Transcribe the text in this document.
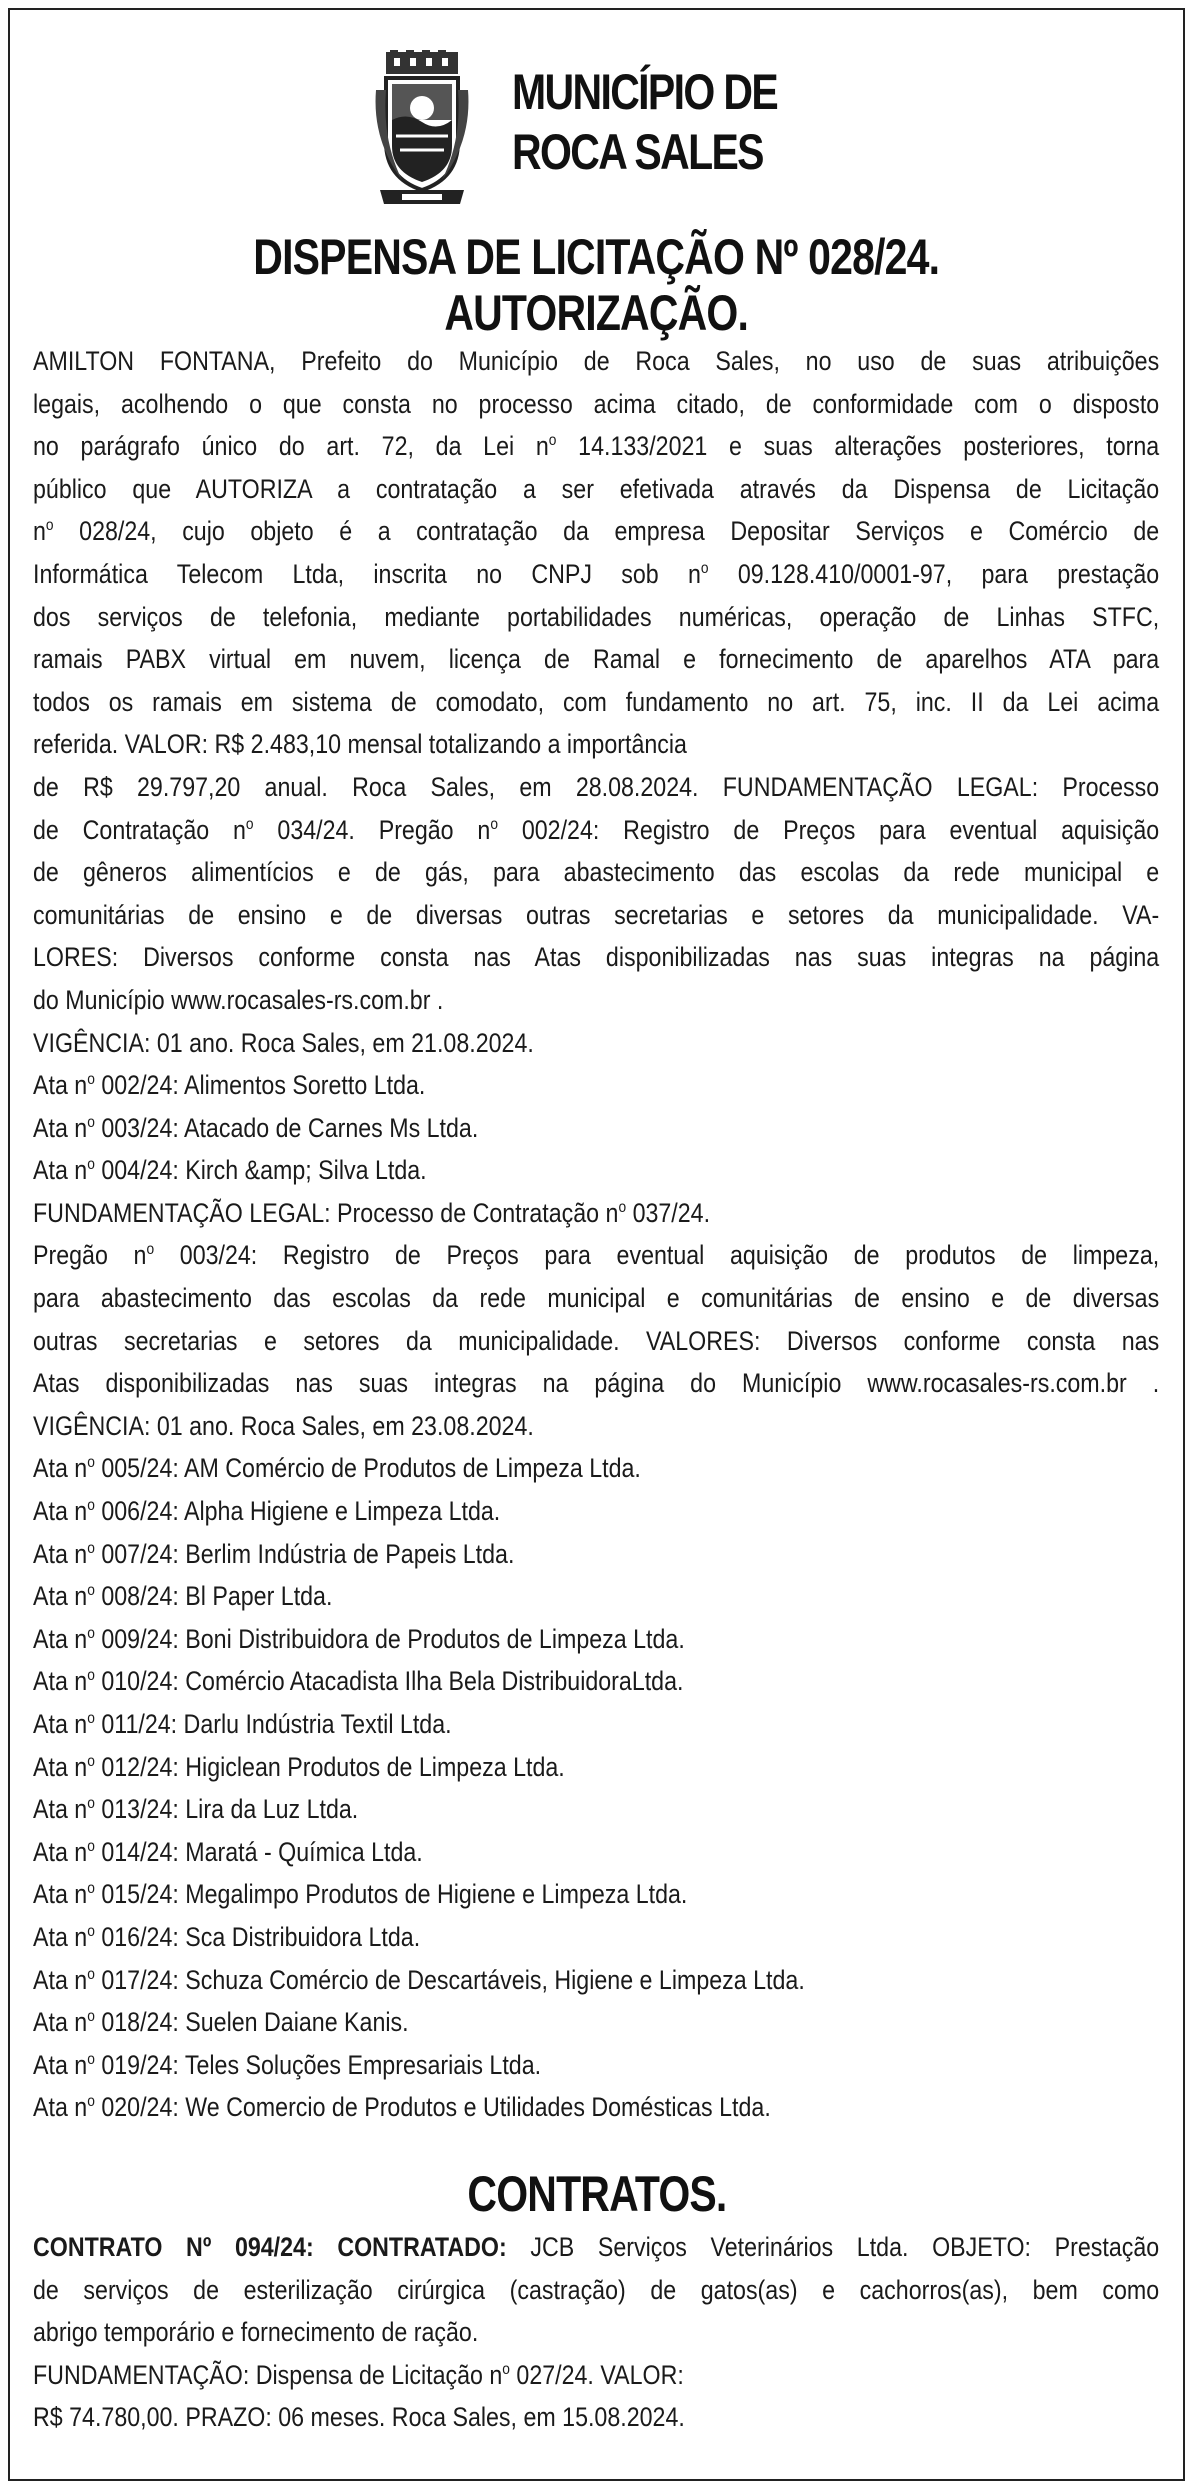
MUNICÍPIO DE
ROCA SALES
DISPENSA DE LICITAÇÃO Nº 028/24.
AUTORIZAÇÃO.
AMILTON FONTANA, Prefeito do Município de Roca Sales, no uso de suas atribuições
legais, acolhendo o que consta no processo acima citado, de conformidade com o disposto
no parágrafo único do art. 72, da Lei $n^o$ 14.133/2021 e suas alterações posteriores, torna
público que AUTORIZA a contratação a ser efetivada através da Dispensa de Licitação
$n^o$ 028/24, cujo objeto é a contratação da empresa Depositar Serviços e Comércio de
Informática Telecom Ltda, inscrita no CNPJ sob $n^o$ 09.128.410/0001-97, para prestação
dos serviços de telefonia, mediante portabilidades numéricas, operação de Linhas STFC,
ramais PABX virtual em nuvem, licença de Ramal e fornecimento de aparelhos ATA para
todos os ramais em sistema de comodato, com fundamento no art. 75, inc. II da Lei acima
referida. VALOR: R$ 2.483,10 mensal totalizando a importância
de R$ 29.797,20 anual. Roca Sales, em 28.08.2024. FUNDAMENTAÇÃO LEGAL: Processo
de Contratação $n^o$ 034/24. Pregão $n^o$ 002/24: Registro de Preços para eventual aquisição
de gêneros alimentícios e de gás, para abastecimento das escolas da rede municipal e
comunitárias de ensino e de diversas outras secretarias e setores da municipalidade. VA-
LORES: Diversos conforme consta nas Atas disponibilizadas nas suas integras na página
do Município www.rocasales-rs.com.br .
VIGÊNCIA: 01 ano. Roca Sales, em 21.08.2024.
Ata $n^o$ 002/24: Alimentos Soretto Ltda.
Ata $n^o$ 003/24: Atacado de Carnes Ms Ltda.
Ata $n^o$ 004/24: Kirch &amp; Silva Ltda.
FUNDAMENTAÇÃO LEGAL: Processo de Contratação $n^o$ 037/24.
Pregão $n^o$ 003/24: Registro de Preços para eventual aquisição de produtos de limpeza,
para abastecimento das escolas da rede municipal e comunitárias de ensino e de diversas
outras secretarias e setores da municipalidade. VALORES: Diversos conforme consta nas
Atas disponibilizadas nas suas integras na página do Município www.rocasales-rs.com.br .
VIGÊNCIA: 01 ano. Roca Sales, em 23.08.2024.
Ata $n^o$ 005/24: AM Comércio de Produtos de Limpeza Ltda.
Ata $n^o$ 006/24: Alpha Higiene e Limpeza Ltda.
Ata $n^o$ 007/24: Berlim Indústria de Papeis Ltda.
Ata $n^o$ 008/24: Bl Paper Ltda.
Ata $n^o$ 009/24: Boni Distribuidora de Produtos de Limpeza Ltda.
Ata $n^o$ 010/24: Comércio Atacadista Ilha Bela DistribuidoraLtda.
Ata $n^o$ 011/24: Darlu Indústria Textil Ltda.
Ata $n^o$ 012/24: Higiclean Produtos de Limpeza Ltda.
Ata $n^o$ 013/24: Lira da Luz Ltda.
Ata $n^o$ 014/24: Maratá - Química Ltda.
Ata $n^o$ 015/24: Megalimpo Produtos de Higiene e Limpeza Ltda.
Ata $n^o$ 016/24: Sca Distribuidora Ltda.
Ata $n^o$ 017/24: Schuza Comércio de Descartáveis, Higiene e Limpeza Ltda.
Ata $n^o$ 018/24: Suelen Daiane Kanis.
Ata $n^o$ 019/24: Teles Soluções Empresariais Ltda.
Ata $n^o$ 020/24: We Comercio de Produtos e Utilidades Domésticas Ltda.
CONTRATOS.
CONTRATO Nº 094/24: CONTRATADO: JCB Serviços Veterinários Ltda. OBJETO: Prestação
de serviços de esterilização cirúrgica (castração) de gatos(as) e cachorros(as), bem como
abrigo temporário e fornecimento de ração.
FUNDAMENTAÇÃO: Dispensa de Licitação $n^o$ 027/24. VALOR:
R$ 74.780,00. PRAZO: 06 meses. Roca Sales, em 15.08.2024.
